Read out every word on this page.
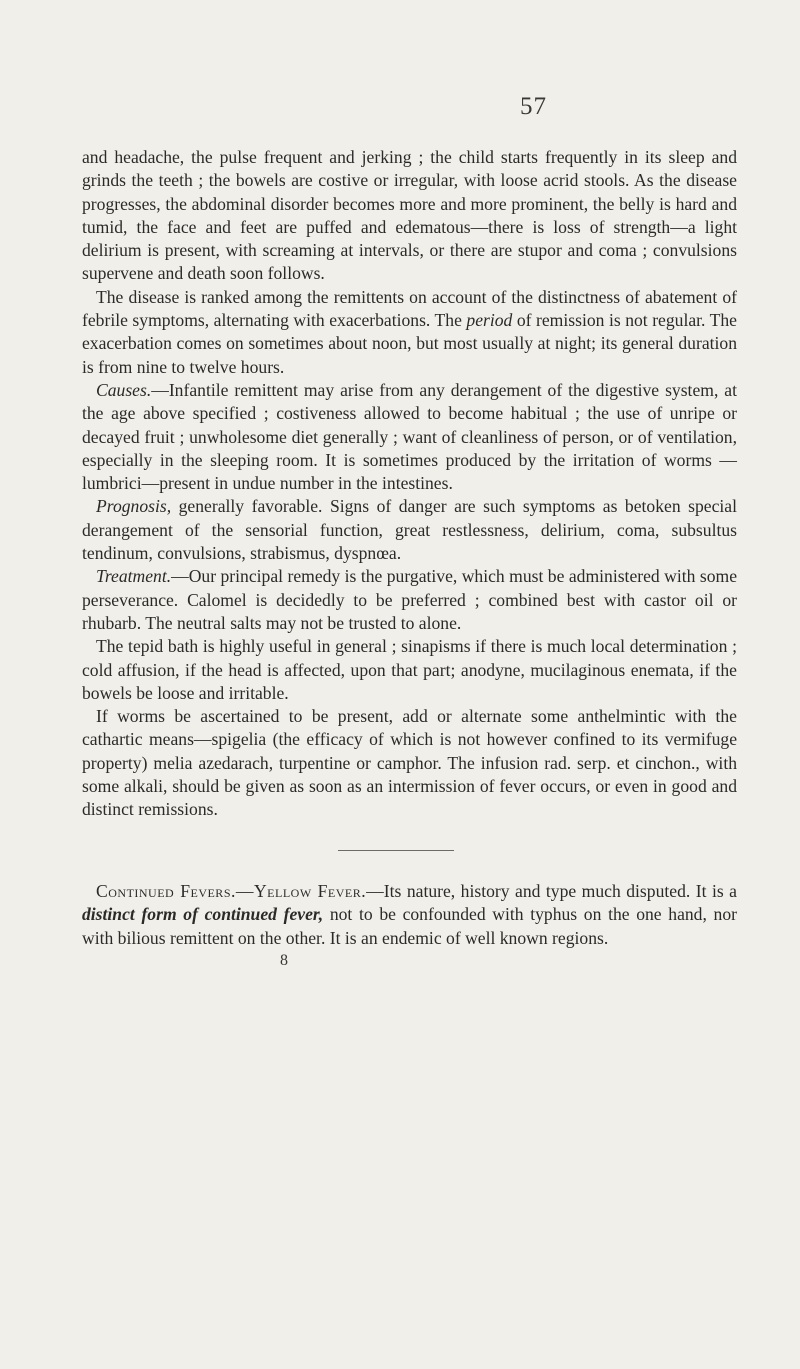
57

and headache, the pulse frequent and jerking ; the child starts frequently in its sleep and grinds the teeth ; the bowels are costive or irregular, with loose acrid stools. As the disease progresses, the abdominal disorder becomes more and more prominent, the belly is hard and tumid, the face and feet are puffed and edematous—there is loss of strength—a light delirium is present, with screaming at intervals, or there are stupor and coma ; convulsions supervene and death soon follows.

The disease is ranked among the remittents on account of the distinctness of abatement of febrile symptoms, alternating with exacerbations. The period of remission is not regular. The exacerbation comes on sometimes about noon, but most usually at night; its general duration is from nine to twelve hours.

Causes.—Infantile remittent may arise from any derangement of the digestive system, at the age above specified ; costiveness allowed to become habitual ; the use of unripe or decayed fruit ; unwholesome diet generally ; want of cleanliness of person, or of ventilation, especially in the sleeping room. It is sometimes produced by the irritation of worms —lumbrici—present in undue number in the intestines.

Prognosis, generally favorable. Signs of danger are such symptoms as betoken special derangement of the sensorial function, great restlessness, delirium, coma, subsultus tendinum, convulsions, strabismus, dyspnœa.

Treatment.—Our principal remedy is the purgative, which must be administered with some perseverance. Calomel is decidedly to be preferred ; combined best with castor oil or rhubarb. The neutral salts may not be trusted to alone.

The tepid bath is highly useful in general ; sinapisms if there is much local determination ; cold affusion, if the head is affected, upon that part; anodyne, mucilaginous enemata, if the bowels be loose and irritable.

If worms be ascertained to be present, add or alternate some anthelmintic with the cathartic means—spigelia (the efficacy of which is not however confined to its vermifuge property) melia azedarach, turpentine or camphor. The infusion rad. serp. et cinchon., with some alkali, should be given as soon as an intermission of fever occurs, or even in good and distinct remissions.

Continued Fevers.—Yellow Fever.—Its nature, history and type much disputed. It is a distinct form of continued fever, not to be confounded with typhus on the one hand, nor with bilious remittent on the other. It is an endemic of well known regions.

8
